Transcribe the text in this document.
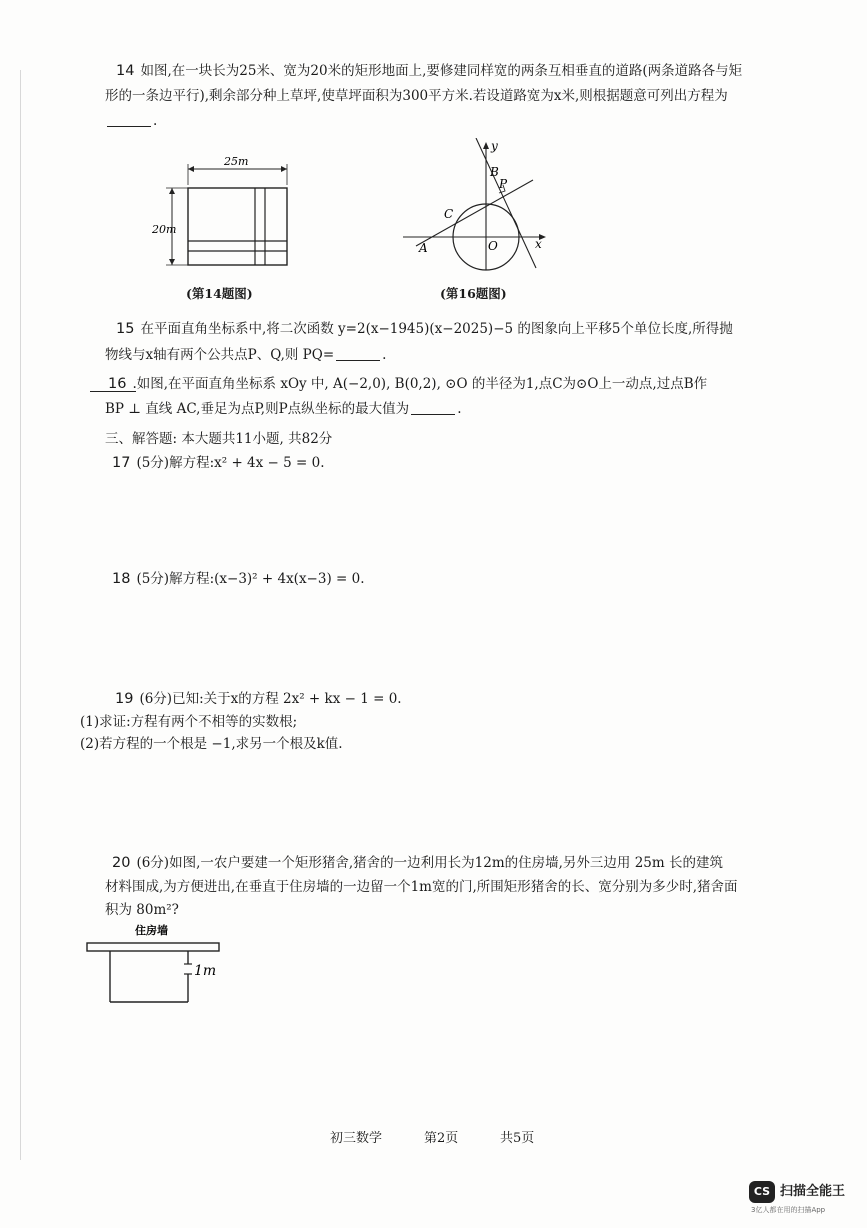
14 如图,在一块长为25米、宽为20米的矩形地面上,要修建同样宽的两条互相垂直的道路(两条道路各与矩
形的一条边平行),剩余部分种上草坪,使草坪面积为300平方米.若设道路宽为x米,则根据题意可列出方程为
.
25m
20m
(第14题图)
y
x
B
P
C
A	O
(第16题图)
15 在平面直角坐标系中,将二次函数 y=2(x−1945)(x−2025)−5 的图象向上平移5个单位长度,所得抛
物线与x轴有两个公共点P、Q,则 PQ=	.
16 .如图,在平面直角坐标系 xOy 中, A(−2,0), B(0,2), ⊙O 的半径为1,点C为⊙O上一动点,过点B作
BP ⊥ 直线 AC,垂足为点P,则P点纵坐标的最大值为	.
三、解答题: 本大题共11小题, 共82分
17 (5分)解方程:x² + 4x − 5 = 0.
18 (5分)解方程:(x−3)² + 4x(x−3) = 0.
19 (6分)已知:关于x的方程 2x² + kx − 1 = 0.
(1)求证:方程有两个不相等的实数根;
(2)若方程的一个根是 −1,求另一个根及k值.
20 (6分)如图,一农户要建一个矩形猪舍,猪舍的一边利用长为12m的住房墙,另外三边用 25m 长的建筑
材料围成,为方便进出,在垂直于住房墙的一边留一个1m宽的门,所围矩形猪舍的长、宽分别为多少时,猪舍面
积为 80m²?
住房墙
1m
初三数学	第2页	共5页
CS 扫描全能王
3亿人都在用的扫描App
